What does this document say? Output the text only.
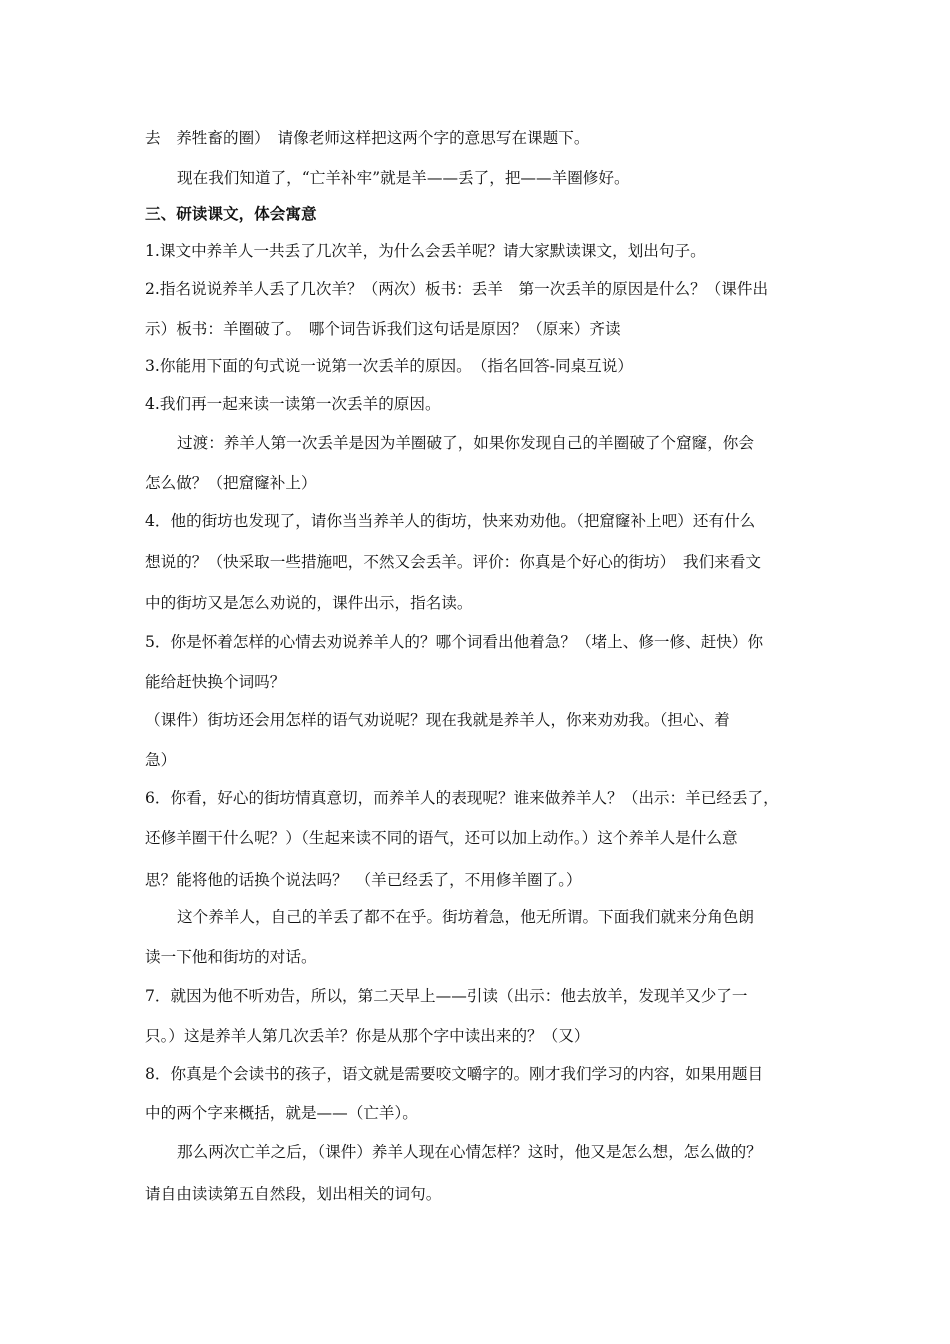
去　养牲畜的圈）　请像老师这样把这两个字的意思写在课题下。
现在我们知道了，“亡羊补牢”就是羊——丢了，把——羊圈修好。
三、研读课文，体会寓意
1.课文中养羊人一共丢了几次羊，为什么会丢羊呢？请大家默读课文，划出句子。
2.指名说说养羊人丢了几次羊？（两次）板书：丢羊　第一次丢羊的原因是什么？（课件出
示）板书：羊圈破了。　哪个词告诉我们这句话是原因？（原来）齐读
3.你能用下面的句式说一说第一次丢羊的原因。　（指名回答-同桌互说）
4.我们再一起来读一读第一次丢羊的原因。
过渡：养羊人第一次丢羊是因为羊圈破了，如果你发现自己的羊圈破了个窟窿，你会
怎么做？（把窟窿补上）
4．他的街坊也发现了，请你当当养羊人的街坊，快来劝劝他。（把窟窿补上吧）还有什么
想说的？（快采取一些措施吧，不然又会丢羊。评价：你真是个好心的街坊）　我们来看文
中的街坊又是怎么劝说的，课件出示，指名读。
5．你是怀着怎样的心情去劝说养羊人的？哪个词看出他着急？（堵上、修一修、赶快）你
能给赶快换个词吗？
（课件）街坊还会用怎样的语气劝说呢？现在我就是养羊人，你来劝劝我。（担心、着
急）
6．你看，好心的街坊情真意切，而养羊人的表现呢？谁来做养羊人？（出示：羊已经丢了，
还修羊圈干什么呢？）（生起来读不同的语气，还可以加上动作。）这个养羊人是什么意
思？能将他的话换个说法吗？　（羊已经丢了，不用修羊圈了。）
这个养羊人，自己的羊丢了都不在乎。街坊着急，他无所谓。下面我们就来分角色朗
读一下他和街坊的对话。
7．就因为他不听劝告，所以，第二天早上——引读（出示：他去放羊，发现羊又少了一
只。）这是养羊人第几次丢羊？你是从那个字中读出来的？（又）
8．你真是个会读书的孩子，语文就是需要咬文嚼字的。刚才我们学习的内容，如果用题目
中的两个字来概括，就是——（亡羊）。
那么两次亡羊之后，（课件）养羊人现在心情怎样？这时，他又是怎么想，怎么做的？
请自由读读第五自然段，划出相关的词句。
